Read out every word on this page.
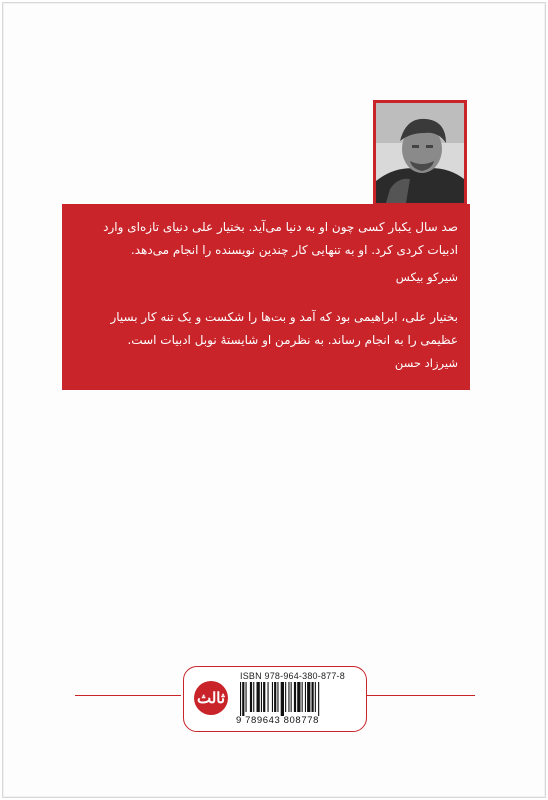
صد سال یکبار کسی چون او به دنیا می‌آید. بختیار علی دنیای تازه‌ای وارد ادبیات کردی کرد. او به تنهایی کار چندین نویسنده را انجام می‌دهد.
شیرکو بیکس
بختیار علی، ابراهیمی بود که آمد و بت‌ها را شکست و یک تنه کار بسیار عظیمی را به انجام رساند. به نظرمن او شایستهٔ نوبل ادبیات است.
شیرزاد حسن
ثالث
ISBN 978-964-380-877-8
9 789643 808778
